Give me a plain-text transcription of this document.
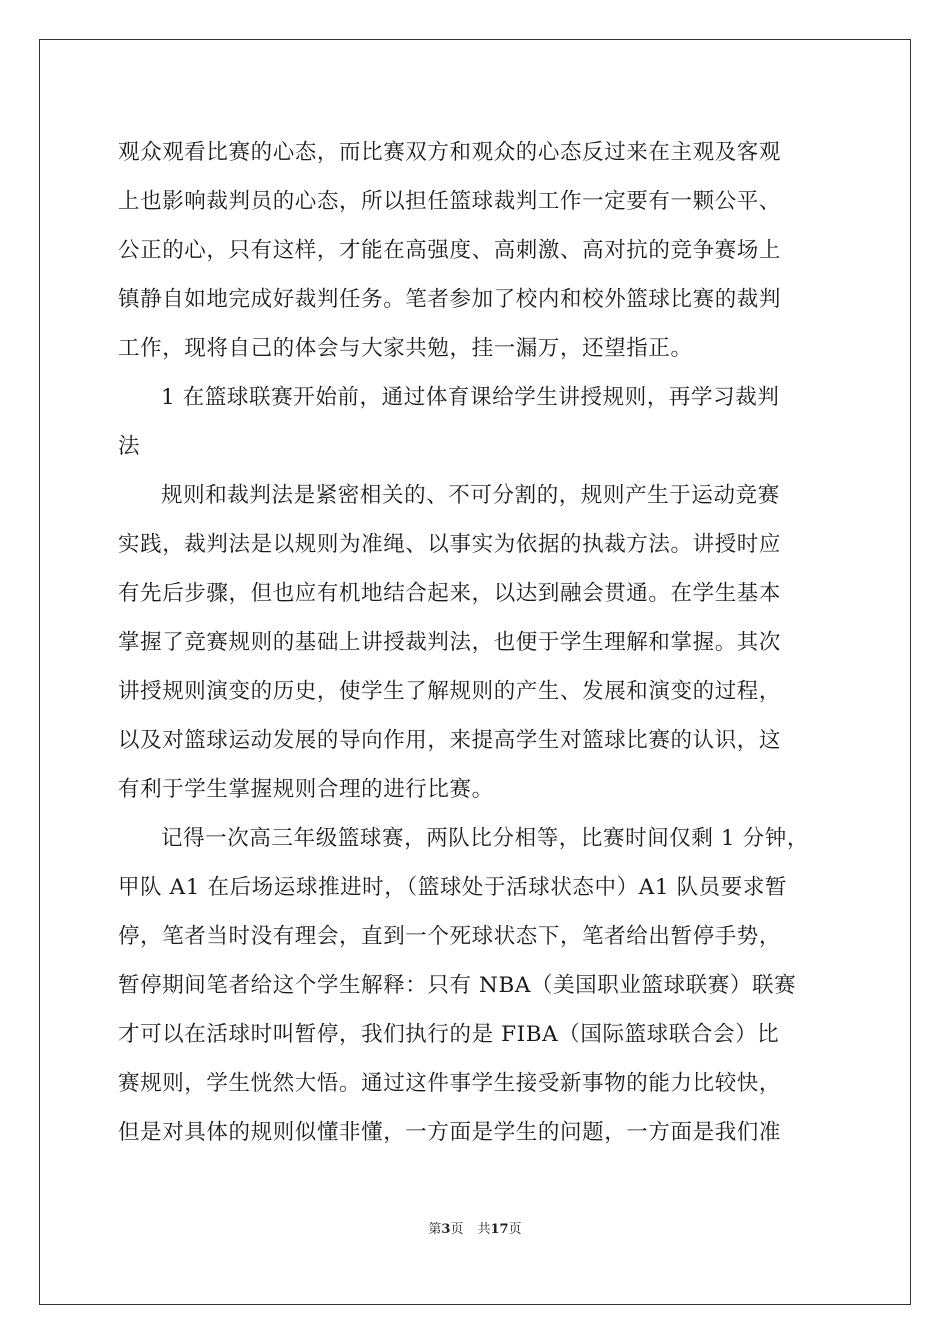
观众观看比赛的心态，而比赛双方和观众的心态反过来在主观及客观
上也影响裁判员的心态，所以担任篮球裁判工作一定要有一颗公平、
公正的心，只有这样，才能在高强度、高刺激、高对抗的竞争赛场上
镇静自如地完成好裁判任务。笔者参加了校内和校外篮球比赛的裁判
工作，现将自己的体会与大家共勉，挂一漏万，还望指正。
1 在篮球联赛开始前，通过体育课给学生讲授规则，再学习裁判
法
规则和裁判法是紧密相关的、不可分割的，规则产生于运动竞赛
实践，裁判法是以规则为准绳、以事实为依据的执裁方法。讲授时应
有先后步骤，但也应有机地结合起来，以达到融会贯通。在学生基本
掌握了竞赛规则的基础上讲授裁判法，也便于学生理解和掌握。其次
讲授规则演变的历史，使学生了解规则的产生、发展和演变的过程，
以及对篮球运动发展的导向作用，来提高学生对篮球比赛的认识，这
有利于学生掌握规则合理的进行比赛。
记得一次高三年级篮球赛，两队比分相等，比赛时间仅剩 1 分钟，
甲队 A1 在后场运球推进时，（篮球处于活球状态中）A1 队员要求暂
停，笔者当时没有理会，直到一个死球状态下，笔者给出暂停手势，
暂停期间笔者给这个学生解释：只有 NBA（美国职业篮球联赛）联赛
才可以在活球时叫暂停，我们执行的是 FIBA（国际篮球联合会）比
赛规则，学生恍然大悟。通过这件事学生接受新事物的能力比较快，
但是对具体的规则似懂非懂，一方面是学生的问题，一方面是我们准
第3页 共17页
